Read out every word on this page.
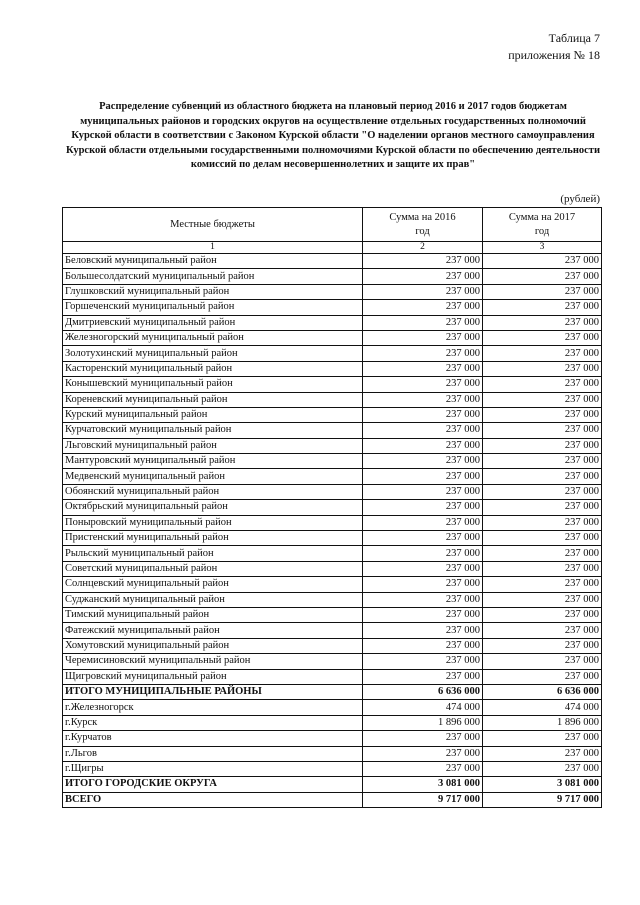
Таблица 7
приложения № 18
Распределение субвенций из областного бюджета на плановый период 2016 и 2017 годов бюджетам муниципальных районов и городских округов на осуществление отдельных государственных полномочий Курской области в соответствии с Законом Курской области "О наделении органов местного самоуправления Курской области отдельными государственными полномочиями Курской области по обеспечению деятельности комиссий по делам несовершеннолетних и защите их прав"
(рублей)
Местные бюджеты	Сумма на 2016 год	Сумма на 2017 год

1	2	3
Беловский муниципальный район	237 000	237 000
Большесолдатский муниципальный район	237 000	237 000
Глушковский муниципальный район	237 000	237 000
Горшеченский муниципальный район	237 000	237 000
Дмитриевский муниципальный район	237 000	237 000
Железногорский муниципальный район	237 000	237 000
Золотухинский муниципальный район	237 000	237 000
Касторенский муниципальный район	237 000	237 000
Конышевский муниципальный район	237 000	237 000
Кореневский муниципальный район	237 000	237 000
Курский муниципальный район	237 000	237 000
Курчатовский муниципальный район	237 000	237 000
Льговский муниципальный район	237 000	237 000
Мантуровский муниципальный район	237 000	237 000
Медвенский муниципальный район	237 000	237 000
Обоянский муниципальный район	237 000	237 000
Октябрьский муниципальный район	237 000	237 000
Поныровский муниципальный район	237 000	237 000
Пристенский муниципальный район	237 000	237 000
Рыльский муниципальный район	237 000	237 000
Советский муниципальный район	237 000	237 000
Солнцевский муниципальный район	237 000	237 000
Суджанский муниципальный район	237 000	237 000
Тимский муниципальный район	237 000	237 000
Фатежский муниципальный район	237 000	237 000
Хомутовский муниципальный район	237 000	237 000
Черемисиновский муниципальный район	237 000	237 000
Щигровский муниципальный район	237 000	237 000
ИТОГО МУНИЦИПАЛЬНЫЕ РАЙОНЫ	6 636 000	6 636 000
г.Железногорск	474 000	474 000
г.Курск	1 896 000	1 896 000
г.Курчатов	237 000	237 000
г.Льгов	237 000	237 000
г.Щигры	237 000	237 000
ИТОГО ГОРОДСКИЕ ОКРУГА	3 081 000	3 081 000
ВСЕГО	9 717 000	9 717 000
